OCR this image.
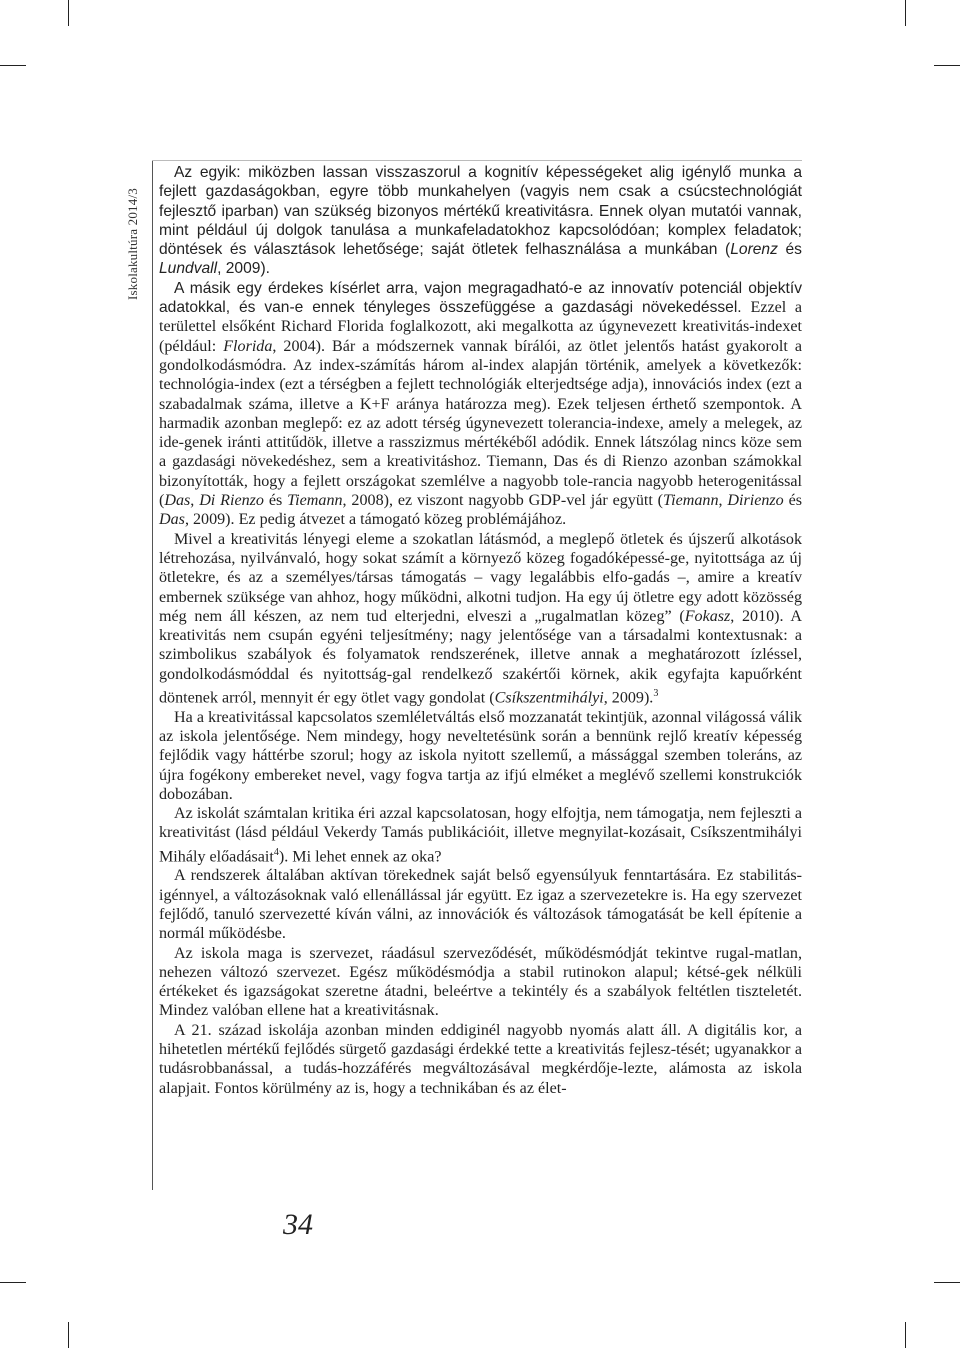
Iskolakultúra 2014/3

Az egyik: miközben lassan visszaszorul a kognitív képességeket alig igénylő munka a fejlett gazdaságokban, egyre több munkahelyen (vagyis nem csak a csúcstechnológiát fejlesztő iparban) van szükség bizonyos mértékű kreativitásra. Ennek olyan mutatói vannak, mint például új dolgok tanulása a munkafeladatokhoz kapcsolódóan; komplex feladatok; döntések és választások lehetősége; saját ötletek felhasználása a munkában (Lorenz és Lundvall, 2009).

A másik egy érdekes kísérlet arra, vajon megragadható-e az innovatív potenciál objektív adatokkal, és van-e ennek tényleges összefüggése a gazdasági növekedéssel. Ezzel a területtel elsőként Richard Florida foglalkozott, aki megalkotta az úgynevezett kreativitás-indexet (például: Florida, 2004). Bár a módszernek vannak bírálói, az ötlet jelentős hatást gyakorolt a gondolkodásmódra. Az index-számítás három al-index alapján történik, amelyek a következők: technológia-index (ezt a térségben a fejlett technológiák elterjedtsége adja), innovációs index (ezt a szabadalmak száma, illetve a K+F aránya határozza meg). Ezek teljesen érthető szempontok. A harmadik azonban meglepő: ez az adott térség úgynevezett tolerancia-indexe, amely a melegek, az ide-genek iránti attitűdök, illetve a rasszizmus mértékéből adódik. Ennek látszólag nincs köze sem a gazdasági növekedéshez, sem a kreativitáshoz. Tiemann, Das és di Rienzo azonban számokkal bizonyították, hogy a fejlett országokat szemlélve a nagyobb tole-rancia nagyobb heterogenitással (Das, Di Rienzo és Tiemann, 2008), ez viszont nagyobb GDP-vel jár együtt (Tiemann, Dirienzo és Das, 2009). Ez pedig átvezet a támogató közeg problémájához.

Mivel a kreativitás lényegi eleme a szokatlan látásmód, a meglepő ötletek és újszerű alkotások létrehozása, nyilvánvaló, hogy sokat számít a környező közeg fogadóképessé-ge, nyitottsága az új ötletekre, és az a személyes/társas támogatás – vagy legalábbis elfo-gadás –, amire a kreatív embernek szüksége van ahhoz, hogy működni, alkotni tudjon. Ha egy új ötletre egy adott közösség még nem áll készen, az nem tud elterjedni, elveszi a „rugalmatlan közeg” (Fokasz, 2010). A kreativitás nem csupán egyéni teljesítmény; nagy jelentősége van a társadalmi kontextusnak: a szimbolikus szabályok és folyamatok rendszerének, illetve annak a meghatározott ízléssel, gondolkodásmóddal és nyitottság-gal rendelkező szakértői körnek, akik egyfajta kapuőrként döntenek arról, mennyit ér egy ötlet vagy gondolat (Csíkszentmihályi, 2009).$^3$

Ha a kreativitással kapcsolatos szemléletváltás első mozzanatát tekintjük, azonnal világossá válik az iskola jelentősége. Nem mindegy, hogy neveltetésünk során a bennünk rejlő kreatív képesség fejlődik vagy háttérbe szorul; hogy az iskola nyitott szellemű, a mássággal szemben toleráns, az újra fogékony embereket nevel, vagy fogva tartja az ifjú elméket a meglévő szellemi konstrukciók dobozában.

Az iskolát számtalan kritika éri azzal kapcsolatosan, hogy elfojtja, nem támogatja, nem fejleszti a kreativitást (lásd például Vekerdy Tamás publikációit, illetve megnyilat-kozásait, Csíkszentmihályi Mihály előadásait$^4$). Mi lehet ennek az oka?

A rendszerek általában aktívan törekednek saját belső egyensúlyuk fenntartására. Ez stabilitás-igénnyel, a változásoknak való ellenállással jár együtt. Ez igaz a szervezetekre is. Ha egy szervezet fejlődő, tanuló szervezetté kíván válni, az innovációk és változások támogatását be kell építenie a normál működésbe.

Az iskola maga is szervezet, ráadásul szerveződését, működésmódját tekintve rugal-matlan, nehezen változó szervezet. Egész működésmódja a stabil rutinokon alapul; kétsé-gek nélküli értékeket és igazságokat szeretne átadni, beleértve a tekintély és a szabályok feltétlen tiszteletét. Mindez valóban ellene hat a kreativitásnak.

A 21. század iskolája azonban minden eddiginél nagyobb nyomás alatt áll. A digitális kor, a hihetetlen mértékű fejlődés sürgető gazdasági érdekké tette a kreativitás fejlesz-tését; ugyanakkor a tudásrobbanással, a tudás-hozzáférés megváltozásával megkérdője-lezte, alámosta az iskola alapjait. Fontos körülmény az is, hogy a technikában és az élet-

34
